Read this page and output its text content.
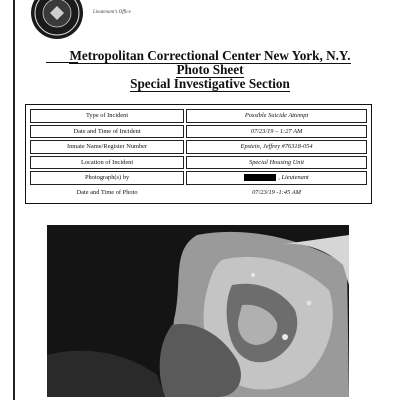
Lieutenant's Office
Metropolitan Correctional Center New York, N.Y.
Photo Sheet
Special Investigative Section
Type of Incident	Possible Suicide Attempt
Date and Time of Incident	07/23/19 – 1:27 AM
Inmate Name/Register Number	Epstein, Jeffrey #76318-054
Location of Incident	Special Housing Unit
Photograph(s) by	, Lieutenant
Date and Time of Photo	07/23/19 -1:45 AM
